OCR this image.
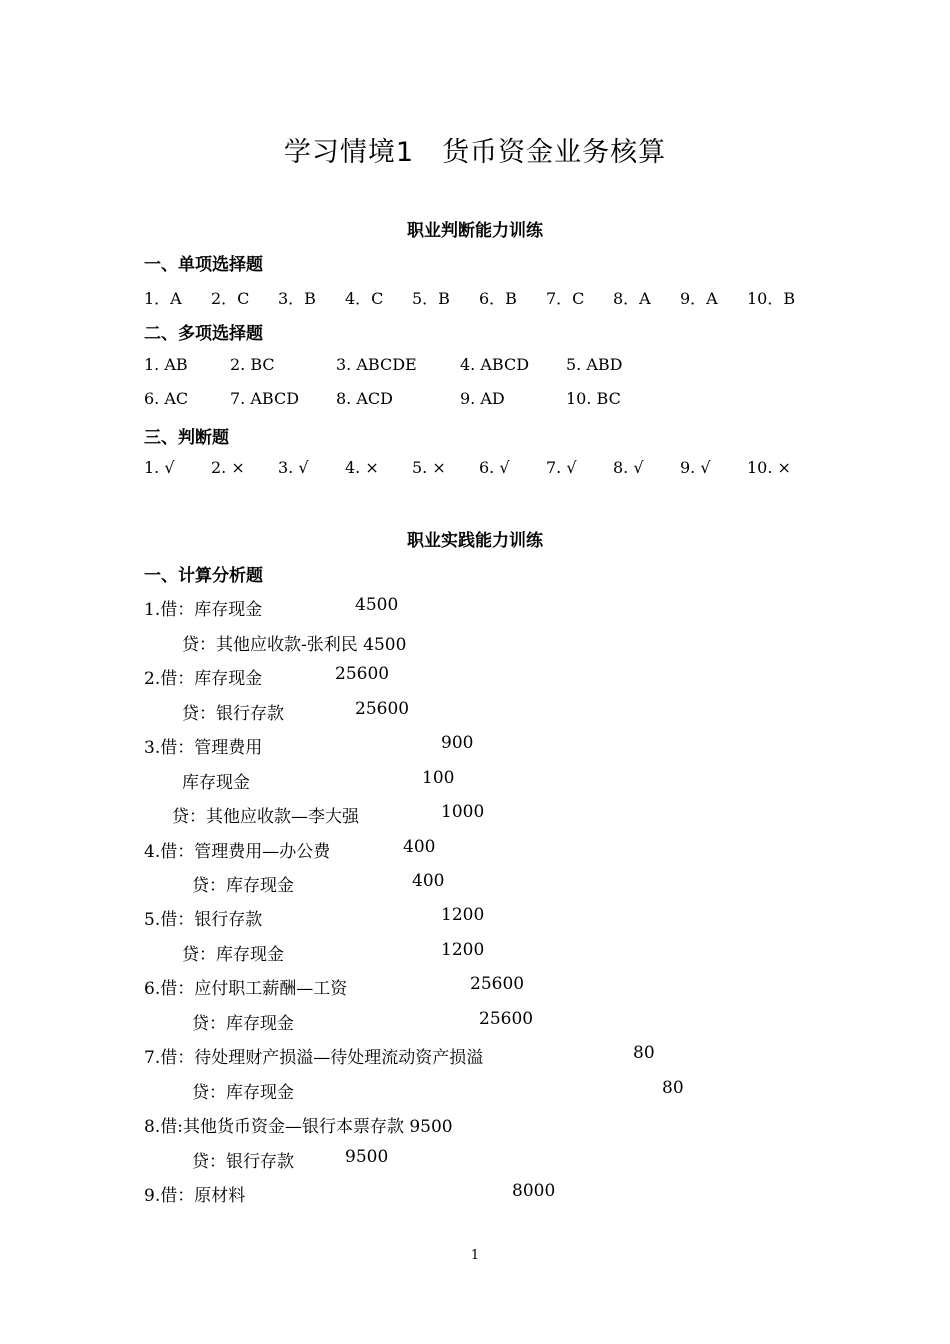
学习情境1　货币资金业务核算
职业判断能力训练
一、单项选择题
1．A 2．C 3．B 4．C 5．B 6．B 7．C 8．A 9．A 10．B
二、多项选择题
1. AB	2. BC	3. ABCDE	4. ABCD 5. ABD
6. AC	7. ABCD 8. ACD	9. AD	10. BC
三、判断题
1. √ 2. × 3. √ 4. × 5. × 6. √ 7. √ 8. √ 9. √ 10. ×
职业实践能力训练
一、计算分析题
1.借：库存现金	4500
贷：其他应收款-张利民 4500
2.借：库存现金	25600
贷：银行存款	25600
3.借：管理费用	900
库存现金	100
贷：其他应收款—李大强	1000
4.借：管理费用—办公费	400
贷：库存现金	400
5.借：银行存款	1200
贷：库存现金	1200
6.借：应付职工薪酬—工资	25600
贷：库存现金	25600
7.借：待处理财产损溢—待处理流动资产损溢	80
贷：库存现金	80
8.借:其他货币资金—银行本票存款 9500
贷：银行存款	9500
9.借：原材料	8000
1
